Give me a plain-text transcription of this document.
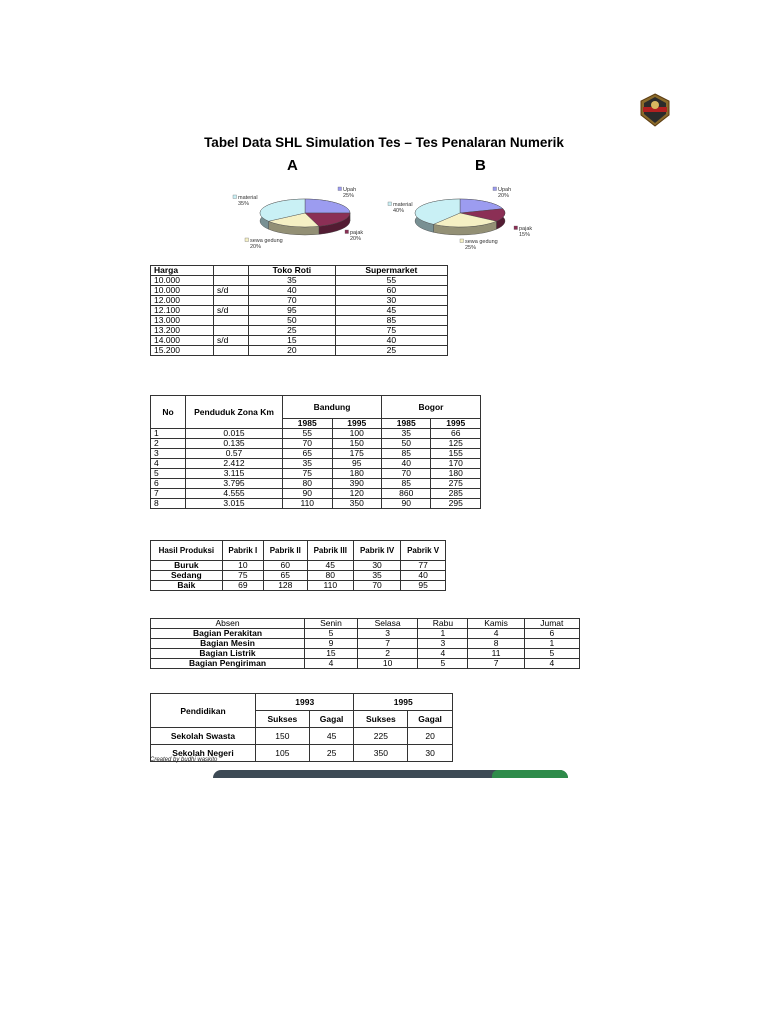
Tabel Data SHL Simulation Tes – Tes Penalaran Numerik
A	B
Upah
25%
pajak
20%
sewa gedung
20%
material
35%
Upah
20%
pajak
15%
sewa gedung
25%
material
40%
Harga		Toko Roti	Supermarket
10.000		35	55
10.000	s/d	40	60
12.000		70	30
12.100	s/d	95	45
13.000		50	85
13.200		25	75
14.000	s/d	15	40
15.200		20	25
No	Penduduk Zona Km	Bandung		Bogor	
		1985	1995	1985	1995
1	0.015	55	100	35	66
2	0.135	70	150	50	125
3	0.57	65	175	85	155
4	2.412	35	95	40	170
5	3.115	75	180	70	180
6	3.795	80	390	85	275
7	4.555	90	120	860	285
8	3.015	110	350	90	295
Hasil Produksi	Pabrik I	Pabrik II	Pabrik III	Pabrik IV	Pabrik V
Buruk	10	60	45	30	77
Sedang	75	65	80	35	40
Baik	69	128	110	70	95
Absen	Senin	Selasa	Rabu	Kamis	Jumat
Bagian Perakitan	5	3	1	4	6
Bagian Mesin	9	7	3	8	1
Bagian Listrik	15	2	4	11	5
Bagian Pengiriman	4	10	5	7	4
Pendidikan	1993		1995	
	Sukses	Gagal	Sukses	Gagal
Sekolah Swasta	150	45	225	20
Sekolah Negeri	105	25	350	30
Created by budhi waskito
